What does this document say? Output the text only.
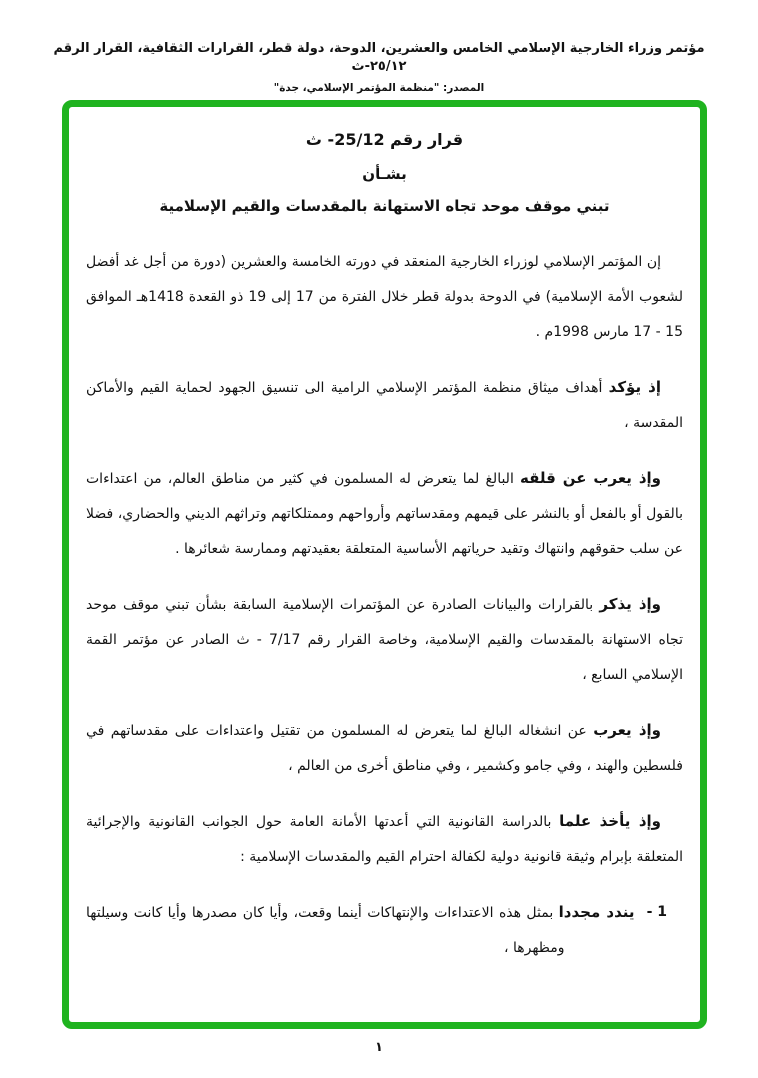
مؤتمر وزراء الخارجية الإسلامي الخامس والعشرين، الدوحة، دولة قطر، القرارات الثقافية، القرار الرقم ٢٥/١٢-ث
المصدر: "منظمة المؤتمر الإسلامي، جدة"
قرار رقم 25/12- ث
بشـأن
تبني موقف موحد تجاه الاستهانة بالمقدسات والقيم الإسلامية

إن المؤتمر الإسلامي لوزراء الخارجية المنعقد في دورته الخامسة والعشرين (دورة من أجل غد أفضل لشعوب الأمة الإسلامية) في الدوحة بدولة قطر خلال الفترة من 17 إلى 19 ذو القعدة 1418هـ الموافق 15 - 17 مارس 1998م .

إذ يؤكد أهداف ميثاق منظمة المؤتمر الإسلامي الرامية الى تنسيق الجهود لحماية القيم والأماكن المقدسة ،

وإذ يعرب عن قلقه البالغ لما يتعرض له المسلمون في كثير من مناطق العالم، من اعتداءات بالقول أو بالفعل أو بالنشر على قيمهم ومقدساتهم وأرواحهم وممتلكاتهم وتراثهم الديني والحضاري، فضلا عن سلب حقوقهم وانتهاك وتقيد حرياتهم الأساسية المتعلقة بعقيدتهم وممارسة شعائرها .

وإذ يذكر بالقرارات والبيانات الصادرة عن المؤتمرات الإسلامية السابقة بشأن تبني موقف موحد تجاه الاستهانة بالمقدسات والقيم الإسلامية، وخاصة القرار رقم 7/17 - ث الصادر عن مؤتمر القمة الإسلامي السابع ،

وإذ يعرب عن انشغاله البالغ لما يتعرض له المسلمون من تقتيل واعتداءات على مقدساتهم في فلسطين والهند ، وفي جامو وكشمير ، وفي مناطق أخرى من العالم ،

وإذ يأخذ علما بالدراسة القانونية التي أعدتها الأمانة العامة حول الجوانب القانونية والإجرائية المتعلقة بإبرام وثيقة قانونية دولية لكفالة احترام القيم والمقدسات الإسلامية :

1 -
يندد مجددا بمثل هذه الاعتداءات والإنتهاكات أينما وقعت، وأيا كان مصدرها وأيا كانت وسيلتها ومظهرها ،
١
